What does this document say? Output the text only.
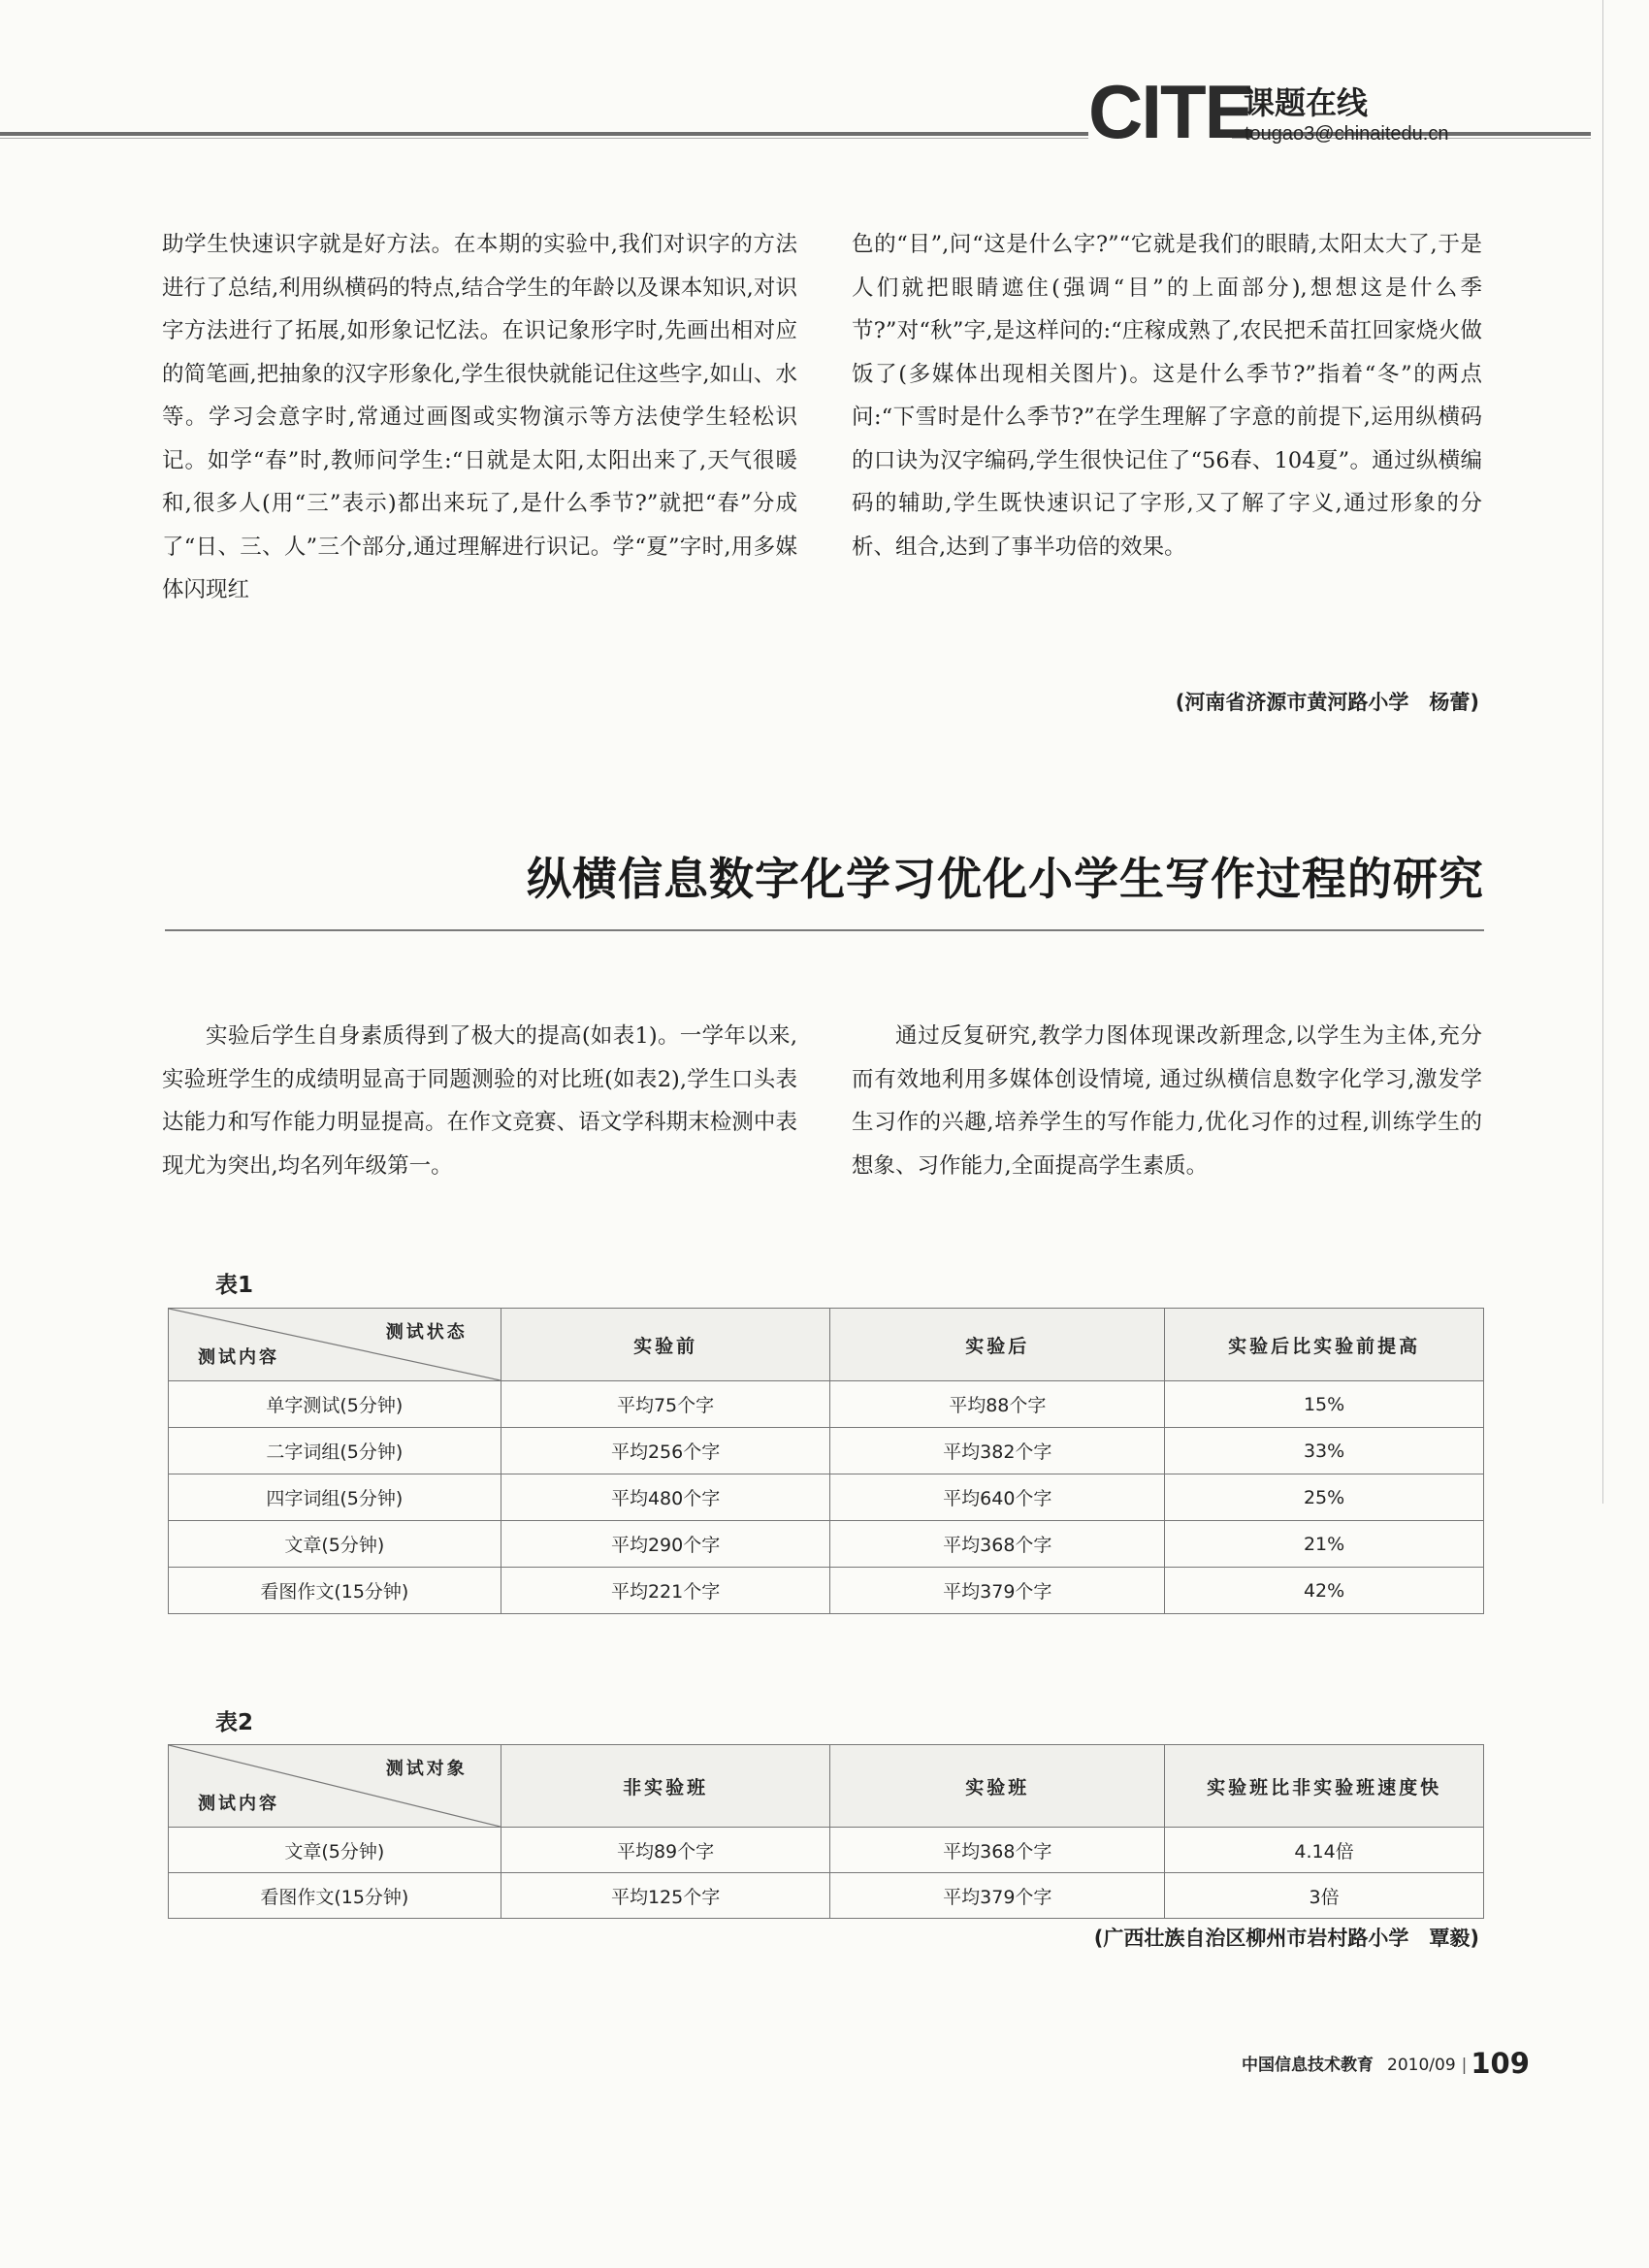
CITE
课题在线
tougao3@chinaitedu.cn
助学生快速识字就是好方法。在本期的实验中,我们对识字的方法进行了总结,利用纵横码的特点,结合学生的年龄以及课本知识,对识字方法进行了拓展,如形象记忆法。在识记象形字时,先画出相对应的简笔画,把抽象的汉字形象化,学生很快就能记住这些字,如山、水等。学习会意字时,常通过画图或实物演示等方法使学生轻松识记。如学“春”时,教师问学生:“日就是太阳,太阳出来了,天气很暖和,很多人(用“三”表示)都出来玩了,是什么季节?”就把“春”分成了“日、三、人”三个部分,通过理解进行识记。学“夏”字时,用多媒体闪现红
色的“目”,问“这是什么字?”“它就是我们的眼睛,太阳太大了,于是人们就把眼睛遮住(强调“目”的上面部分),想想这是什么季节?”对“秋”字,是这样问的:“庄稼成熟了,农民把禾苗扛回家烧火做饭了(多媒体出现相关图片)。这是什么季节?”指着“冬”的两点问:“下雪时是什么季节?”在学生理解了字意的前提下,运用纵横码的口诀为汉字编码,学生很快记住了“56春、104夏”。通过纵横编码的辅助,学生既快速识记了字形,又了解了字义,通过形象的分析、组合,达到了事半功倍的效果。
(河南省济源市黄河路小学　杨蕾)
纵横信息数字化学习优化小学生写作过程的研究
实验后学生自身素质得到了极大的提高(如表1)。一学年以来,实验班学生的成绩明显高于同题测验的对比班(如表2),学生口头表达能力和写作能力明显提高。在作文竞赛、语文学科期末检测中表现尤为突出,均名列年级第一。
通过反复研究,教学力图体现课改新理念,以学生为主体,充分而有效地利用多媒体创设情境, 通过纵横信息数字化学习,激发学生习作的兴趣,培养学生的写作能力,优化习作的过程,训练学生的想象、习作能力,全面提高学生素质。
表1
测试状态
测试内容	实验前	实验后	实验后比实验前提高
单字测试(5分钟)	平均75个字	平均88个字	15%
二字词组(5分钟)	平均256个字	平均382个字	33%
四字词组(5分钟)	平均480个字	平均640个字	25%
文章(5分钟)	平均290个字	平均368个字	21%
看图作文(15分钟)	平均221个字	平均379个字	42%
表2
测试对象
测试内容	非实验班	实验班	实验班比非实验班速度快
文章(5分钟)	平均89个字	平均368个字	4.14倍
看图作文(15分钟)	平均125个字	平均379个字	3倍
(广西壮族自治区柳州市岩村路小学　覃毅)
中国信息技术教育 2010/09 | 109
